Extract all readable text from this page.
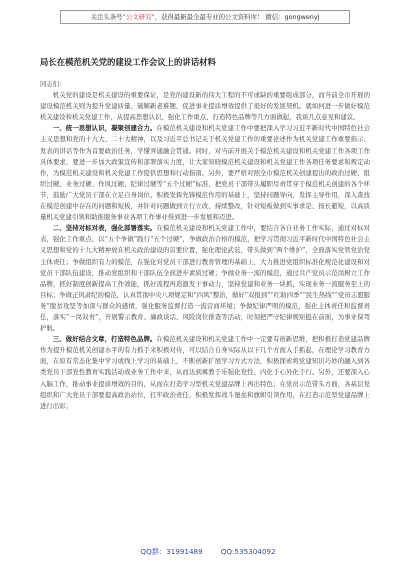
关注头条号“公文研究”，获得最新最全最专业的公文资料库！ 微信：gongwenyj
局长在模范机关党的建设工作会议上的讲话材料

同志们：

机关党的建设是机关建设的重要保证，是党的建设新的伟大工程的不可或缺的重要组成部分，而当前全市开展的建设模范机关则为提升党建质量、破解新老难题、促进事业提质增效提供了很好的发展契机。就如何进一步做好模范机关建设和机关党建工作，从提高思想认识、强化工作重点、打造特色品牌等几方面做起，我谈几点意见和建议。

一、统一思想认识，凝聚创建合力。在模范机关建设和机关党建工作中要把深入学习习近平新时代中国特色社会主义思想和党的十九大、二十大精神，以及习近平总书记关于机关党建工作的重要论述作为机关党建工作重要指示、发表的讲话等作为首要政治任务，学懂弄通融会贯通。同时，对当前开展关于模范机关建设和机关党建工作各项工作具体要求，要进一步加大政策宣传和部署落实力度，让大家知晓模范机关建设和机关党建工作各项任务要求和规定动作，为模范机关建设和机关党建工作提供思想和行动指南。另外，要严格对照全市模范机关创建提出的政治过硬、组织过硬、业务过硬、作风过硬、纪律过硬等“五个过硬”标准，把党员干部带头履职尽责贯穿于模范机关创建的各个环节，鼓励广大党员干部在立足自身岗位、积极发挥先锋模范作用的基础上，坚持问题导向，发挥主导作用，深入查找在模范创建中存在的问题和短板，并针对问题做到立行立改、持续整改，针对短板做到实事求是、扬长避短，以高质量机关党建引领和助推服务事业各项工作事业得到进一步发展和迈进。

二、坚持对标对表，强化部署落实。在模范机关建设和机关党建工作中，要结合各自业务工作实际，通过对标对表，强化工作重点，以“五个争做”践行“五个过硬”，争做政治合格的模范，把学习贯彻习近平新时代中国特色社会主义思想和党的十九大精神放在机关政治建设的首要位置，强化理论武装，带头做到“两个维护”，全面落实党管党治党主体责任；争做组织有力的模范，在强化对党员干部进行教育管理的基础上，大力推进党组织标准化规范化建设和对党员干部队伍建设，推动党组织和干部队伍全面进步素质过硬；争做业务一流的模范，通过共产党员示范岗树立工作品牌，抓好制度创新提高工作效能，抓好流程再造激发干事动力，坚持党建和业务一块抓，实现业务一流服务至上的目标；争做正风肃纪的模范，认真贯彻中央八项规定和“四风”整治，做好“双报到”“红助四季”“民生热线”“党员志愿服务”脱贫攻坚等加深与群众的感情，强化服务监督打造一流营商环境；争做纪律严明的模范，强化主体责任和监督责任，落实“一岗双责”，开展警示教育、廉政谈话、风险岗位排查等活动，时刻把严守纪律规矩挺在前面，为事业保驾护航。

三、做好结合文章，打造特色品牌。在模范机关建设和机关党建工作中一定要有创新思维，把积极打造党建品牌作为提升模范机关创建水平的有力抓手来积极对待，可以结合自身实际从以下几个方面入手抓起，在理论学习教育方面，在原有常态化集中学习或线上学习的基础上，不断创新扩展学习方式方法，积极探索将党建知识巧妙的融入到各类党员干部党性教育实践活动或业务工作中来，从而达到寓教于乐强化党性、内化于心外化于行。另外，还要深入心入脑工作，推动事业提质增效的目的，从而在打造学习型机关党建品牌上再出特色；在党员示范带头方面，各基层党组织和广大党员干部要提高政治站位，扛牢政治责任，积极发挥战斗堡垒和旗帜引领作用，在打造示范型党建品牌上进行出彩；

QQ群：31991489	QQ:535304092
